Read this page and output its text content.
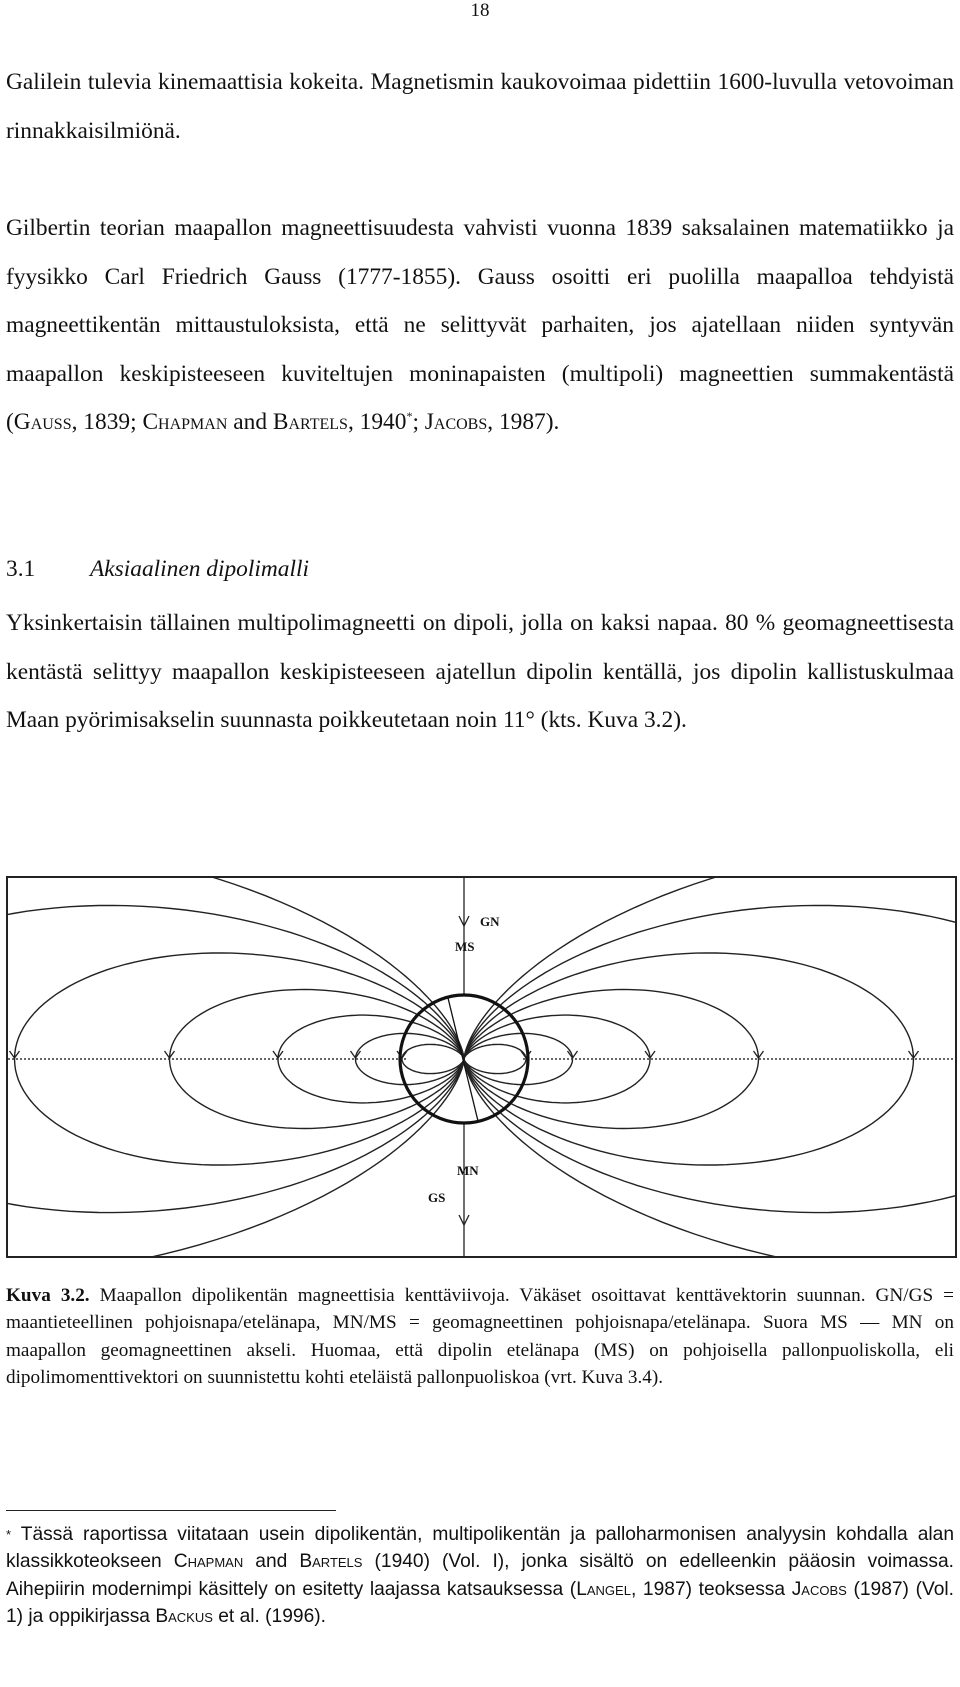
18

Galilein tulevia kinemaattisia kokeita. Magnetismin kaukovoimaa pidettiin 1600-luvulla vetovoiman rinnakkaisilmiönä.

Gilbertin teorian maapallon magneettisuudesta vahvisti vuonna 1839 saksalainen matematiikko ja fyysikko Carl Friedrich Gauss (1777-1855). Gauss osoitti eri puolilla maapalloa tehdyistä magneettikentän mittaustuloksista, että ne selittyvät parhaiten, jos ajatellaan niiden syntyvän maapallon keskipisteeseen kuviteltujen moninapaisten (multipoli) magneettien summakentästä (Gauss, 1839; Chapman and Bartels, 1940*; Jacobs, 1987).

3.1 Aksiaalinen dipolimalli

Yksinkertaisin tällainen multipolimagneetti on dipoli, jolla on kaksi napaa. 80 % geomagneettisesta kentästä selittyy maapallon keskipisteeseen ajatellun dipolin kentällä, jos dipolin kallistuskulmaa Maan pyörimisakselin suunnasta poikkeutetaan noin 11° (kts. Kuva 3.2).

GN
MS
MN
GS

Kuva 3.2. Maapallon dipolikentän magneettisia kenttäviivoja. Väkäset osoittavat kenttävektorin suunnan. GN/GS = maantieteellinen pohjoisnapa/etelänapa, MN/MS = geomagneettinen pohjoisnapa/etelänapa. Suora MS — MN on maapallon geomagneettinen akseli. Huomaa, että dipolin etelänapa (MS) on pohjoisella pallonpuoliskolla, eli dipolimomenttivektori on suunnistettu kohti eteläistä pallonpuoliskoa (vrt. Kuva 3.4).

* Tässä raportissa viitataan usein dipolikentän, multipolikentän ja palloharmonisen analyysin kohdalla alan klassikkoteokseen Chapman and Bartels (1940) (Vol. I), jonka sisältö on edelleenkin pääosin voimassa. Aihepiirin modernimpi käsittely on esitetty laajassa katsauksessa (Langel, 1987) teoksessa Jacobs (1987) (Vol. 1) ja oppikirjassa Backus et al. (1996).
